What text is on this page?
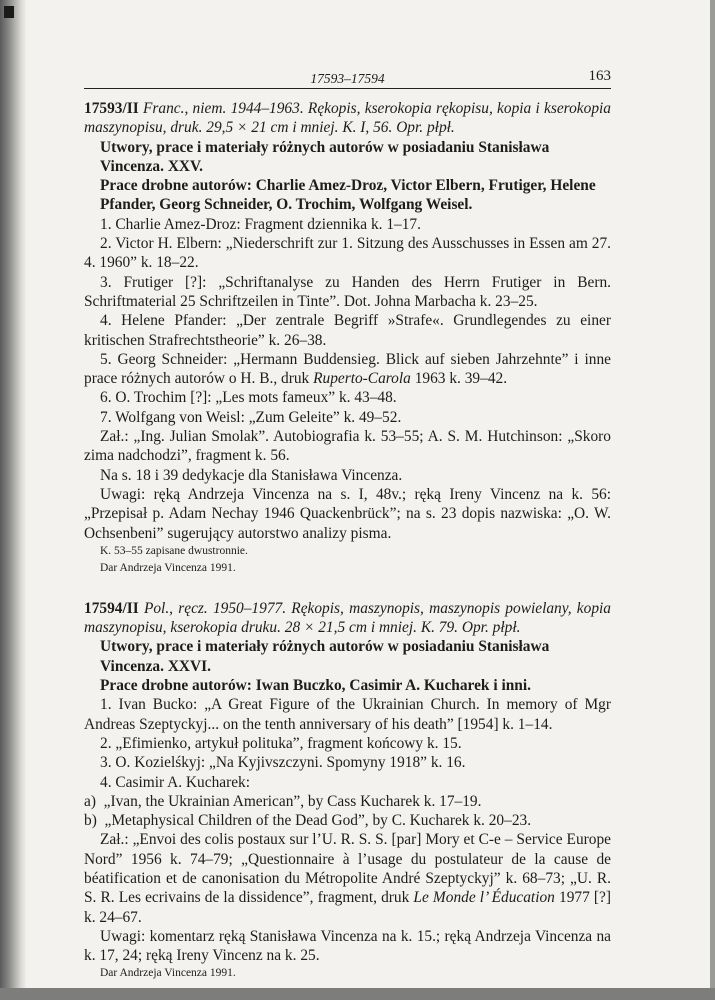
17593–17594	163

17593/II Franc., niem. 1944–1963. Rękopis, kserokopia rękopisu, kopia i kserokopia maszynopisu, druk. 29,5 × 21 cm i mniej. K. I, 56. Opr. płpł.

Utwory, prace i materiały różnych autorów w posiadaniu Stanisława Vincenza. XXV.

Prace drobne autorów: Charlie Amez-Droz, Victor Elbern, Frutiger, Helene Pfander, Georg Schneider, O. Trochim, Wolfgang Weisel.

1. Charlie Amez-Droz: Fragment dziennika k. 1–17.

2. Victor H. Elbern: „Niederschrift zur 1. Sitzung des Ausschusses in Essen am 27. 4. 1960” k. 18–22.

3. Frutiger [?]: „Schriftanalyse zu Handen des Herrn Frutiger in Bern. Schriftmaterial 25 Schriftzeilen in Tinte”. Dot. Johna Marbacha k. 23–25.

4. Helene Pfander: „Der zentrale Begriff »Strafe«. Grundlegendes zu einer kritischen Strafrechtstheorie” k. 26–38.

5. Georg Schneider: „Hermann Buddensieg. Blick auf sieben Jahrzehnte” i inne prace różnych autorów o H. B., druk Ruperto-Carola 1963 k. 39–42.

6. O. Trochim [?]: „Les mots fameux” k. 43–48.

7. Wolfgang von Weisl: „Zum Geleite” k. 49–52.

Zał.: „Ing. Julian Smolak”. Autobiografia k. 53–55; A. S. M. Hutchinson: „Skoro zima nadchodzi”, fragment k. 56.

Na s. 18 i 39 dedykacje dla Stanisława Vincenza.

Uwagi: ręką Andrzeja Vincenza na s. I, 48v.; ręką Ireny Vincenz na k. 56: „Przepisał p. Adam Nechay 1946 Quackenbrück”; na s. 23 dopis nazwiska: „O. W. Ochsenbeni” sugerujący autorstwo analizy pisma.

K. 53–55 zapisane dwustronnie.

Dar Andrzeja Vincenza 1991.

17594/II Pol., ręcz. 1950–1977. Rękopis, maszynopis, maszynopis powielany, kopia maszynopisu, kserokopia druku. 28 × 21,5 cm i mniej. K. 79. Opr. płpł.

Utwory, prace i materiały różnych autorów w posiadaniu Stanisława Vincenza. XXVI.

Prace drobne autorów: Iwan Buczko, Casimir A. Kucharek i inni.

1. Ivan Bucko: „A Great Figure of the Ukrainian Church. In memory of Mgr Andreas Szeptyckyj... on the tenth anniversary of his death” [1954] k. 1–14.

2. „Efimienko, artykuł polituka”, fragment końcowy k. 15.

3. O. Kozielśkyj: „Na Kyjivszczyni. Spomyny 1918” k. 16.

4. Casimir A. Kucharek:

a)  „Ivan, the Ukrainian American”, by Cass Kucharek k. 17–19.

b)  „Metaphysical Children of the Dead God”, by C. Kucharek k. 20–23.

Zał.: „Envoi des colis postaux sur l’U. R. S. S. [par] Mory et C-e – Service Europe Nord” 1956 k. 74–79; „Questionnaire à l’usage du postulateur de la cause de béatification et de canonisation du Métropolite André Szeptyckyj” k. 68–73; „U. R. S. R. Les ecrivains de la dissidence”, fragment, druk Le Monde l’ Éducation 1977 [?] k. 24–67.

Uwagi: komentarz ręką Stanisława Vincenza na k. 15.; ręką Andrzeja Vincenza na k. 17, 24; ręką Ireny Vincenz na k. 25.

Dar Andrzeja Vincenza 1991.
